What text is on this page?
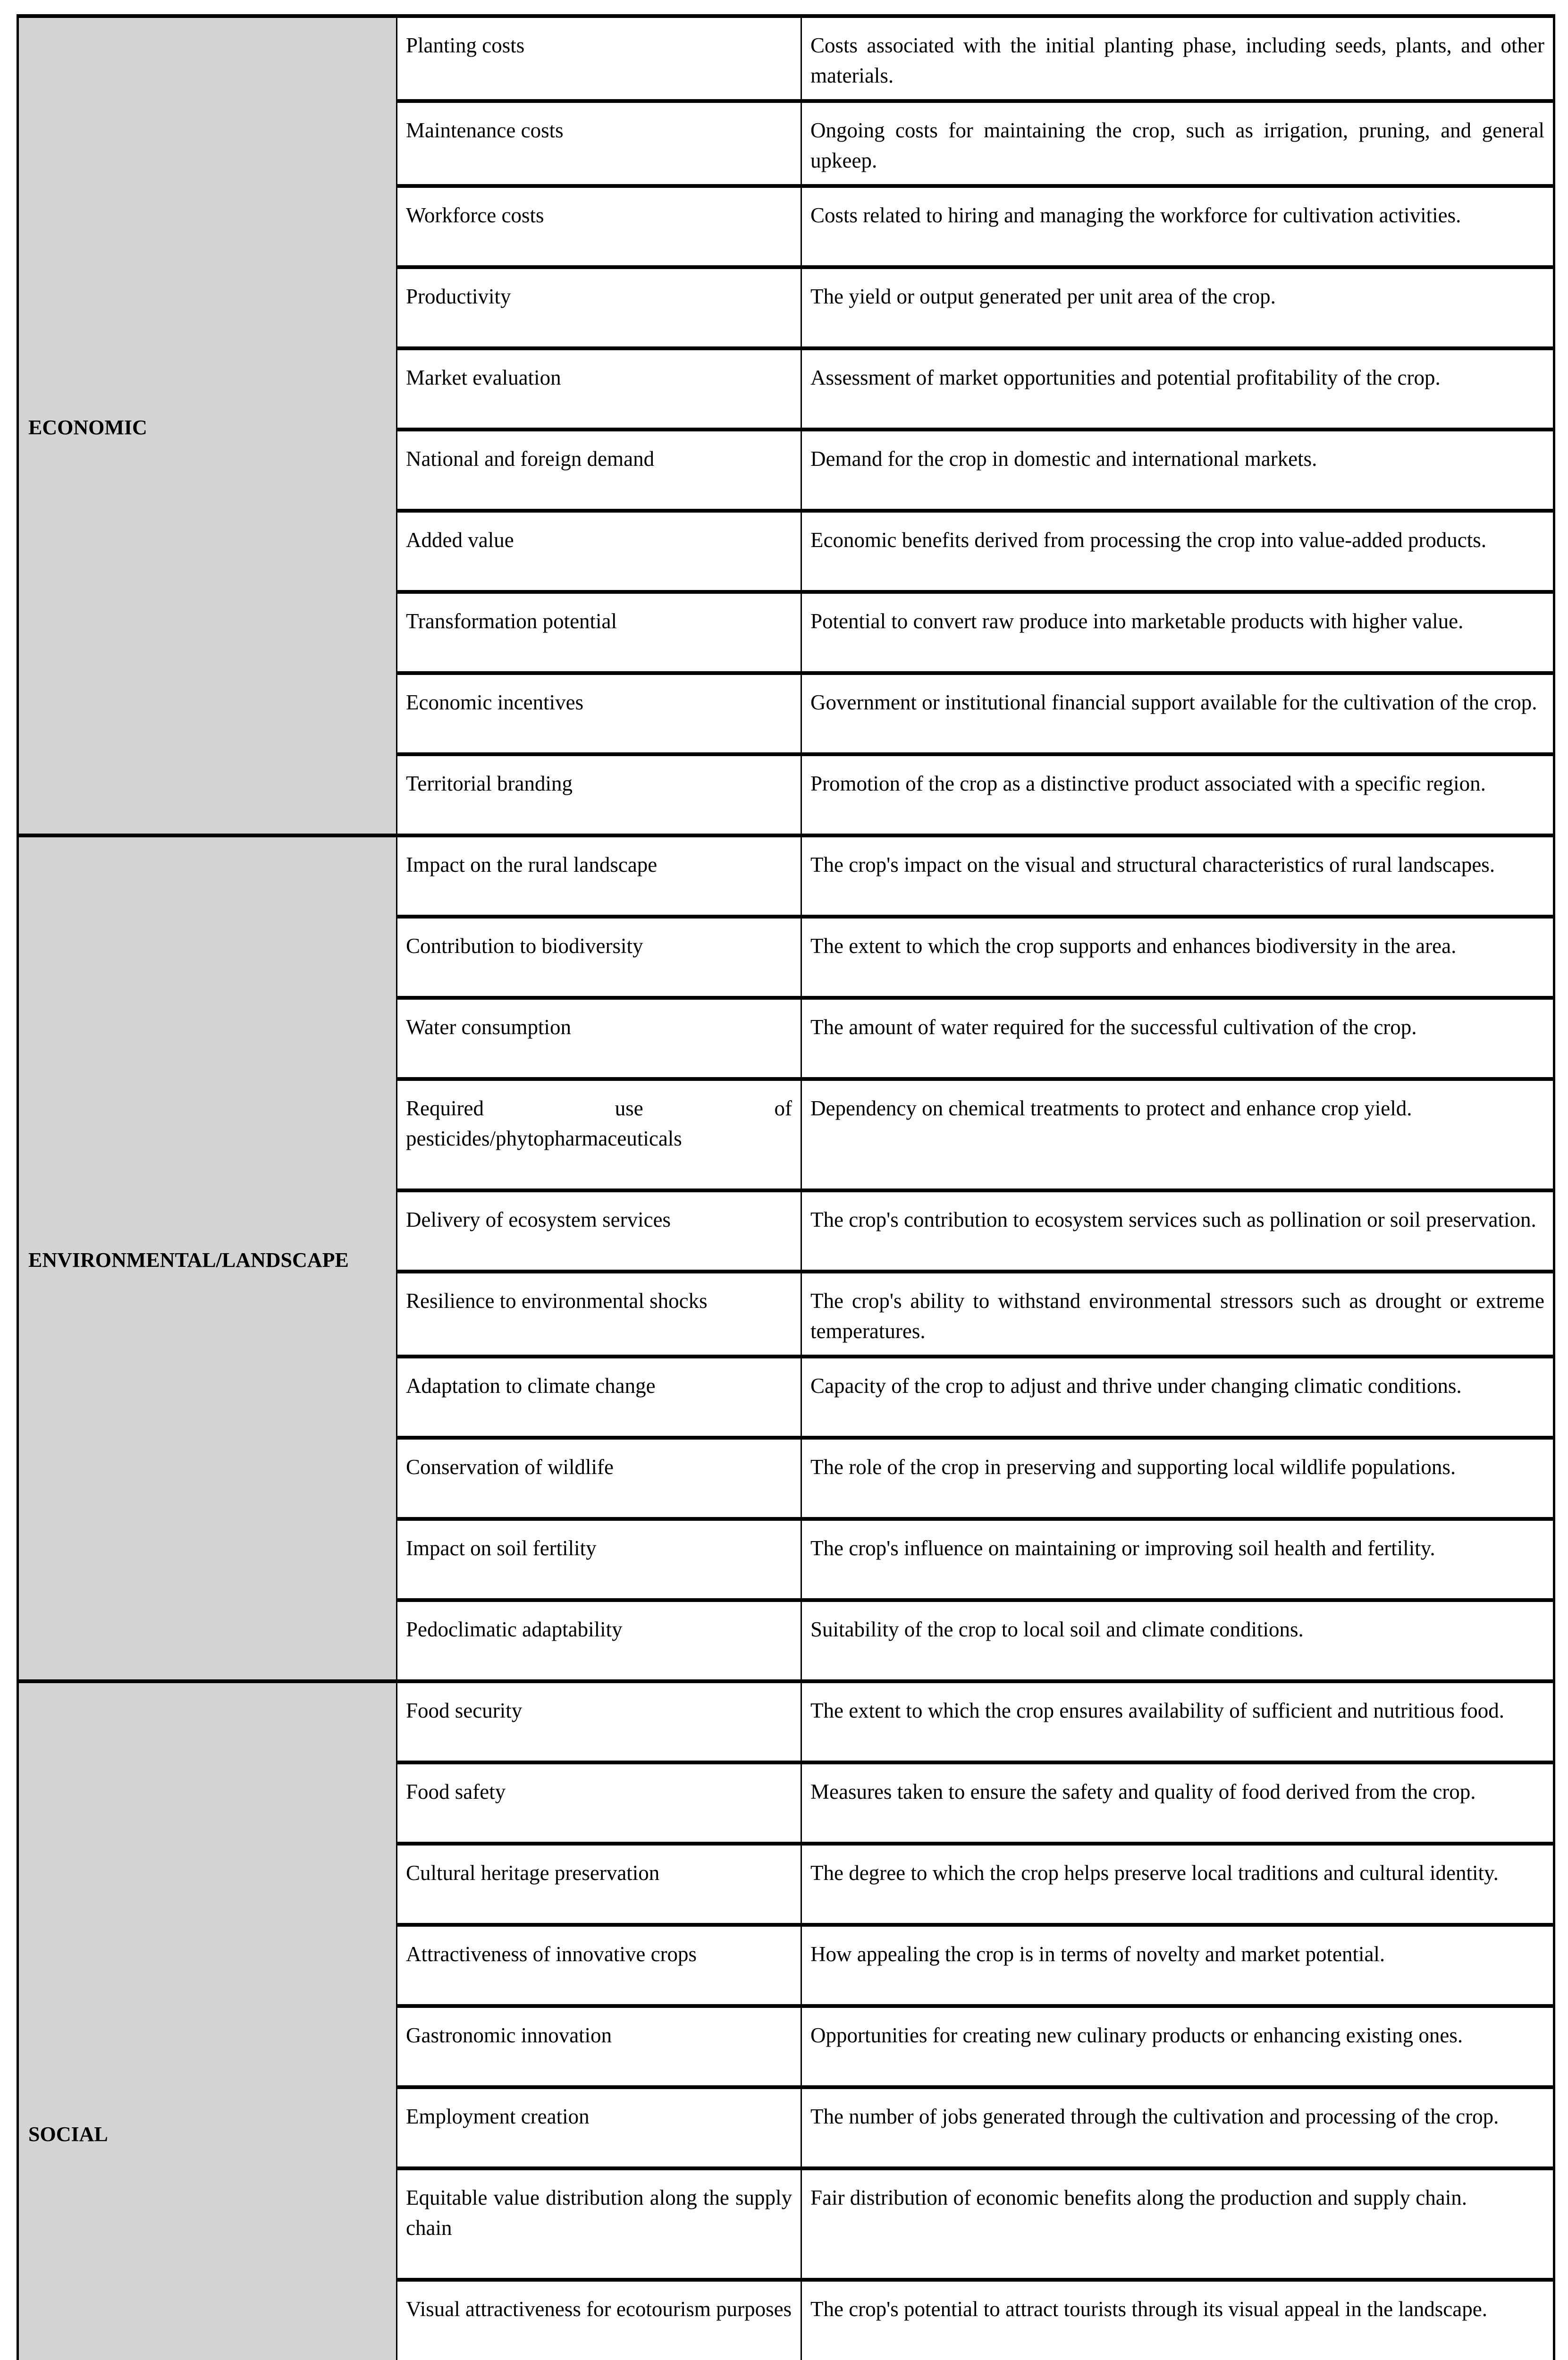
ECONOMIC	Planting costs	Costs associated with the initial planting phase, including seeds, plants, and other materials.
	Maintenance costs	Ongoing costs for maintaining the crop, such as irrigation, pruning, and general upkeep.
	Workforce costs	Costs related to hiring and managing the workforce for cultivation activities.
	Productivity	The yield or output generated per unit area of the crop.
	Market evaluation	Assessment of market opportunities and potential profitability of the crop.
	National and foreign demand	Demand for the crop in domestic and international markets.
	Added value	Economic benefits derived from processing the crop into value-added products.
	Transformation potential	Potential to convert raw produce into marketable products with higher value.
	Economic incentives	Government or institutional financial support available for the cultivation of the crop.
	Territorial branding	Promotion of the crop as a distinctive product associated with a specific region.
ENVIRONMENTAL/LANDSCAPE	Impact on the rural landscape	The crop's impact on the visual and structural characteristics of rural landscapes.
	Contribution to biodiversity	The extent to which the crop supports and enhances biodiversity in the area.
	Water consumption	The amount of water required for the successful cultivation of the crop.
	Required use of pesticides/phytopharmaceuticals	Dependency on chemical treatments to protect and enhance crop yield.
	Delivery of ecosystem services	The crop's contribution to ecosystem services such as pollination or soil preservation.
	Resilience to environmental shocks	The crop's ability to withstand environmental stressors such as drought or extreme temperatures.
	Adaptation to climate change	Capacity of the crop to adjust and thrive under changing climatic conditions.
	Conservation of wildlife	The role of the crop in preserving and supporting local wildlife populations.
	Impact on soil fertility	The crop's influence on maintaining or improving soil health and fertility.
	Pedoclimatic adaptability	Suitability of the crop to local soil and climate conditions.
SOCIAL	Food security	The extent to which the crop ensures availability of sufficient and nutritious food.
	Food safety	Measures taken to ensure the safety and quality of food derived from the crop.
	Cultural heritage preservation	The degree to which the crop helps preserve local traditions and cultural identity.
	Attractiveness of innovative crops	How appealing the crop is in terms of novelty and market potential.
	Gastronomic innovation	Opportunities for creating new culinary products or enhancing existing ones.
	Employment creation	The number of jobs generated through the cultivation and processing of the crop.
	Equitable value distribution along the supply chain	Fair distribution of economic benefits along the production and supply chain.
	Visual attractiveness for ecotourism purposes	The crop's potential to attract tourists through its visual appeal in the landscape.
